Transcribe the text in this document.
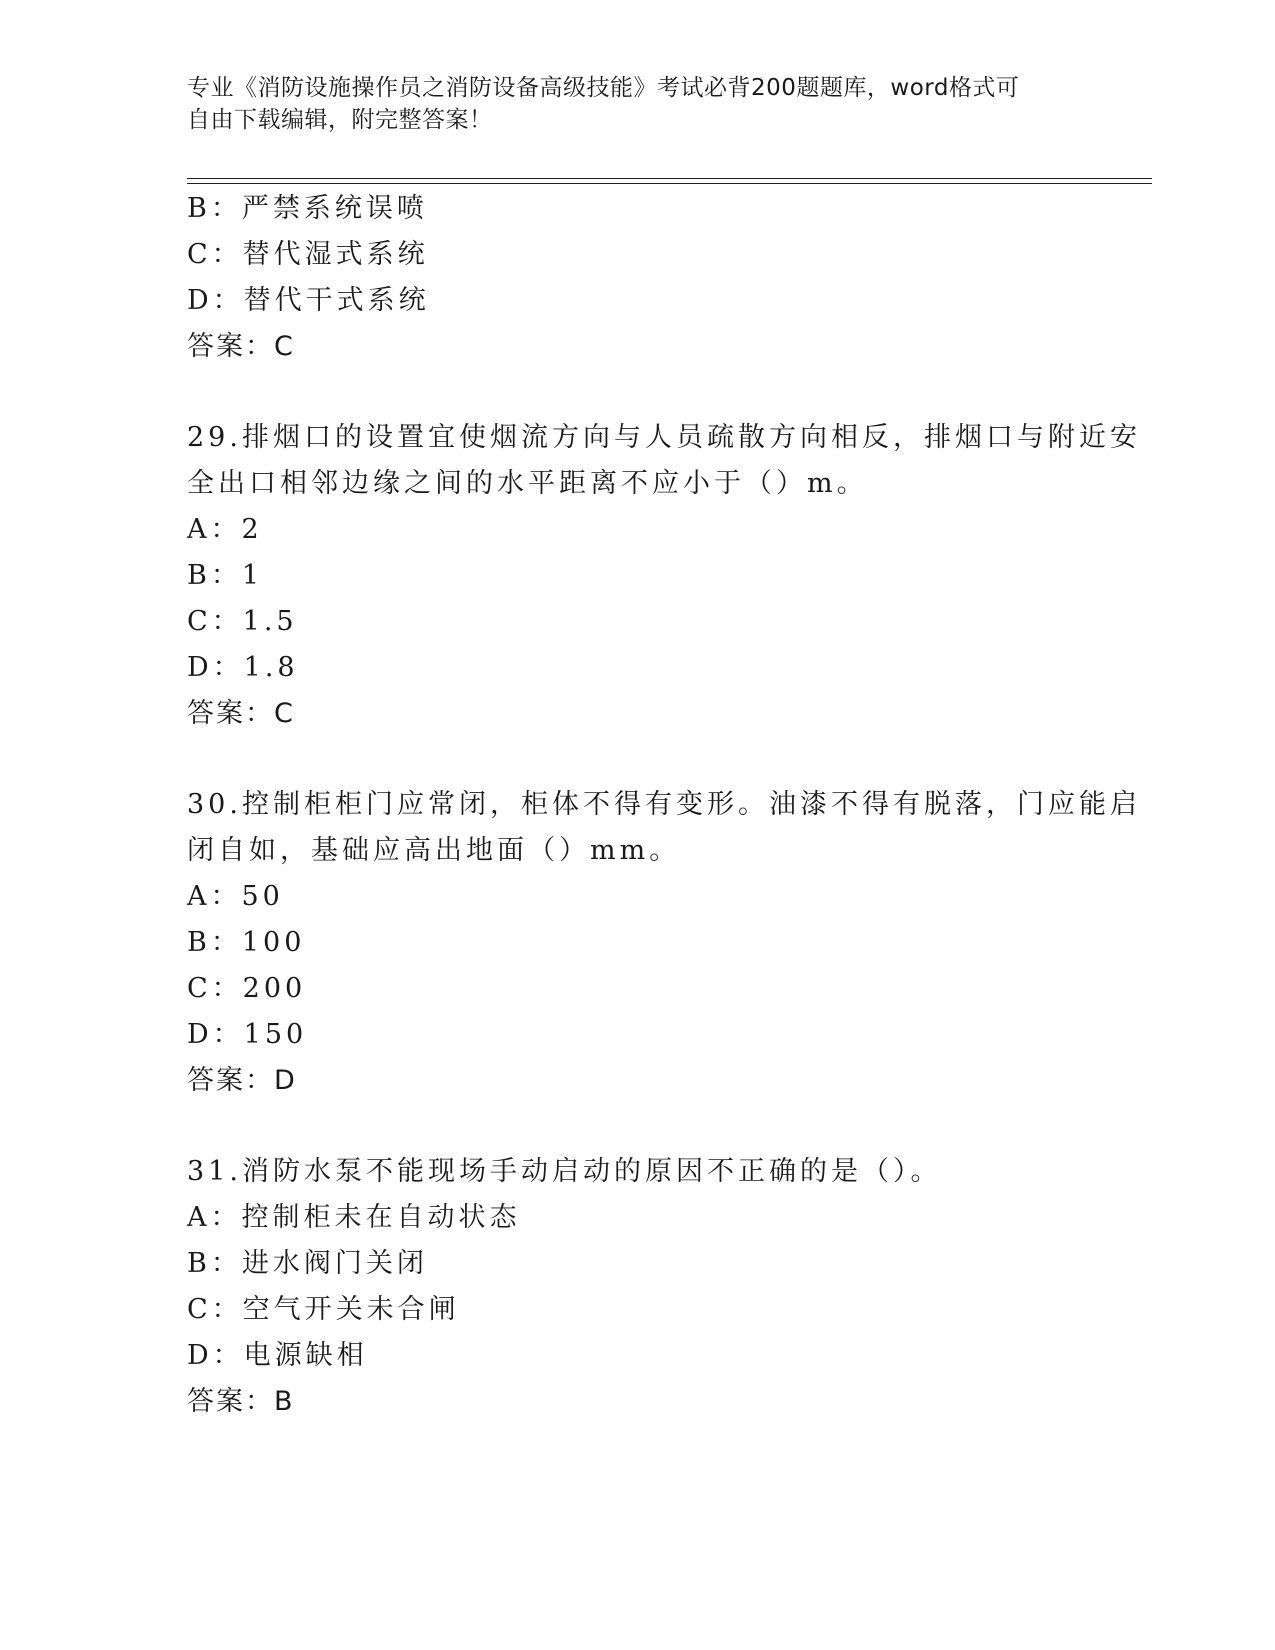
专业《消防设施操作员之消防设备高级技能》考试必背200题题库，word格式可
自由下载编辑，附完整答案！
B：严禁系统误喷
C：替代湿式系统
D：替代干式系统
答案：C
29.排烟口的设置宜使烟流方向与人员疏散方向相反，排烟口与附近安
全出口相邻边缘之间的水平距离不应小于（）m。
A：2
B：1
C：1.5
D：1.8
答案：C
30.控制柜柜门应常闭，柜体不得有变形。油漆不得有脱落，门应能启
闭自如，基础应高出地面（）mm。
A：50
B：100
C：200
D：150
答案：D
31.消防水泵不能现场手动启动的原因不正确的是（）。
A：控制柜未在自动状态
B：进水阀门关闭
C：空气开关未合闸
D：电源缺相
答案：B
